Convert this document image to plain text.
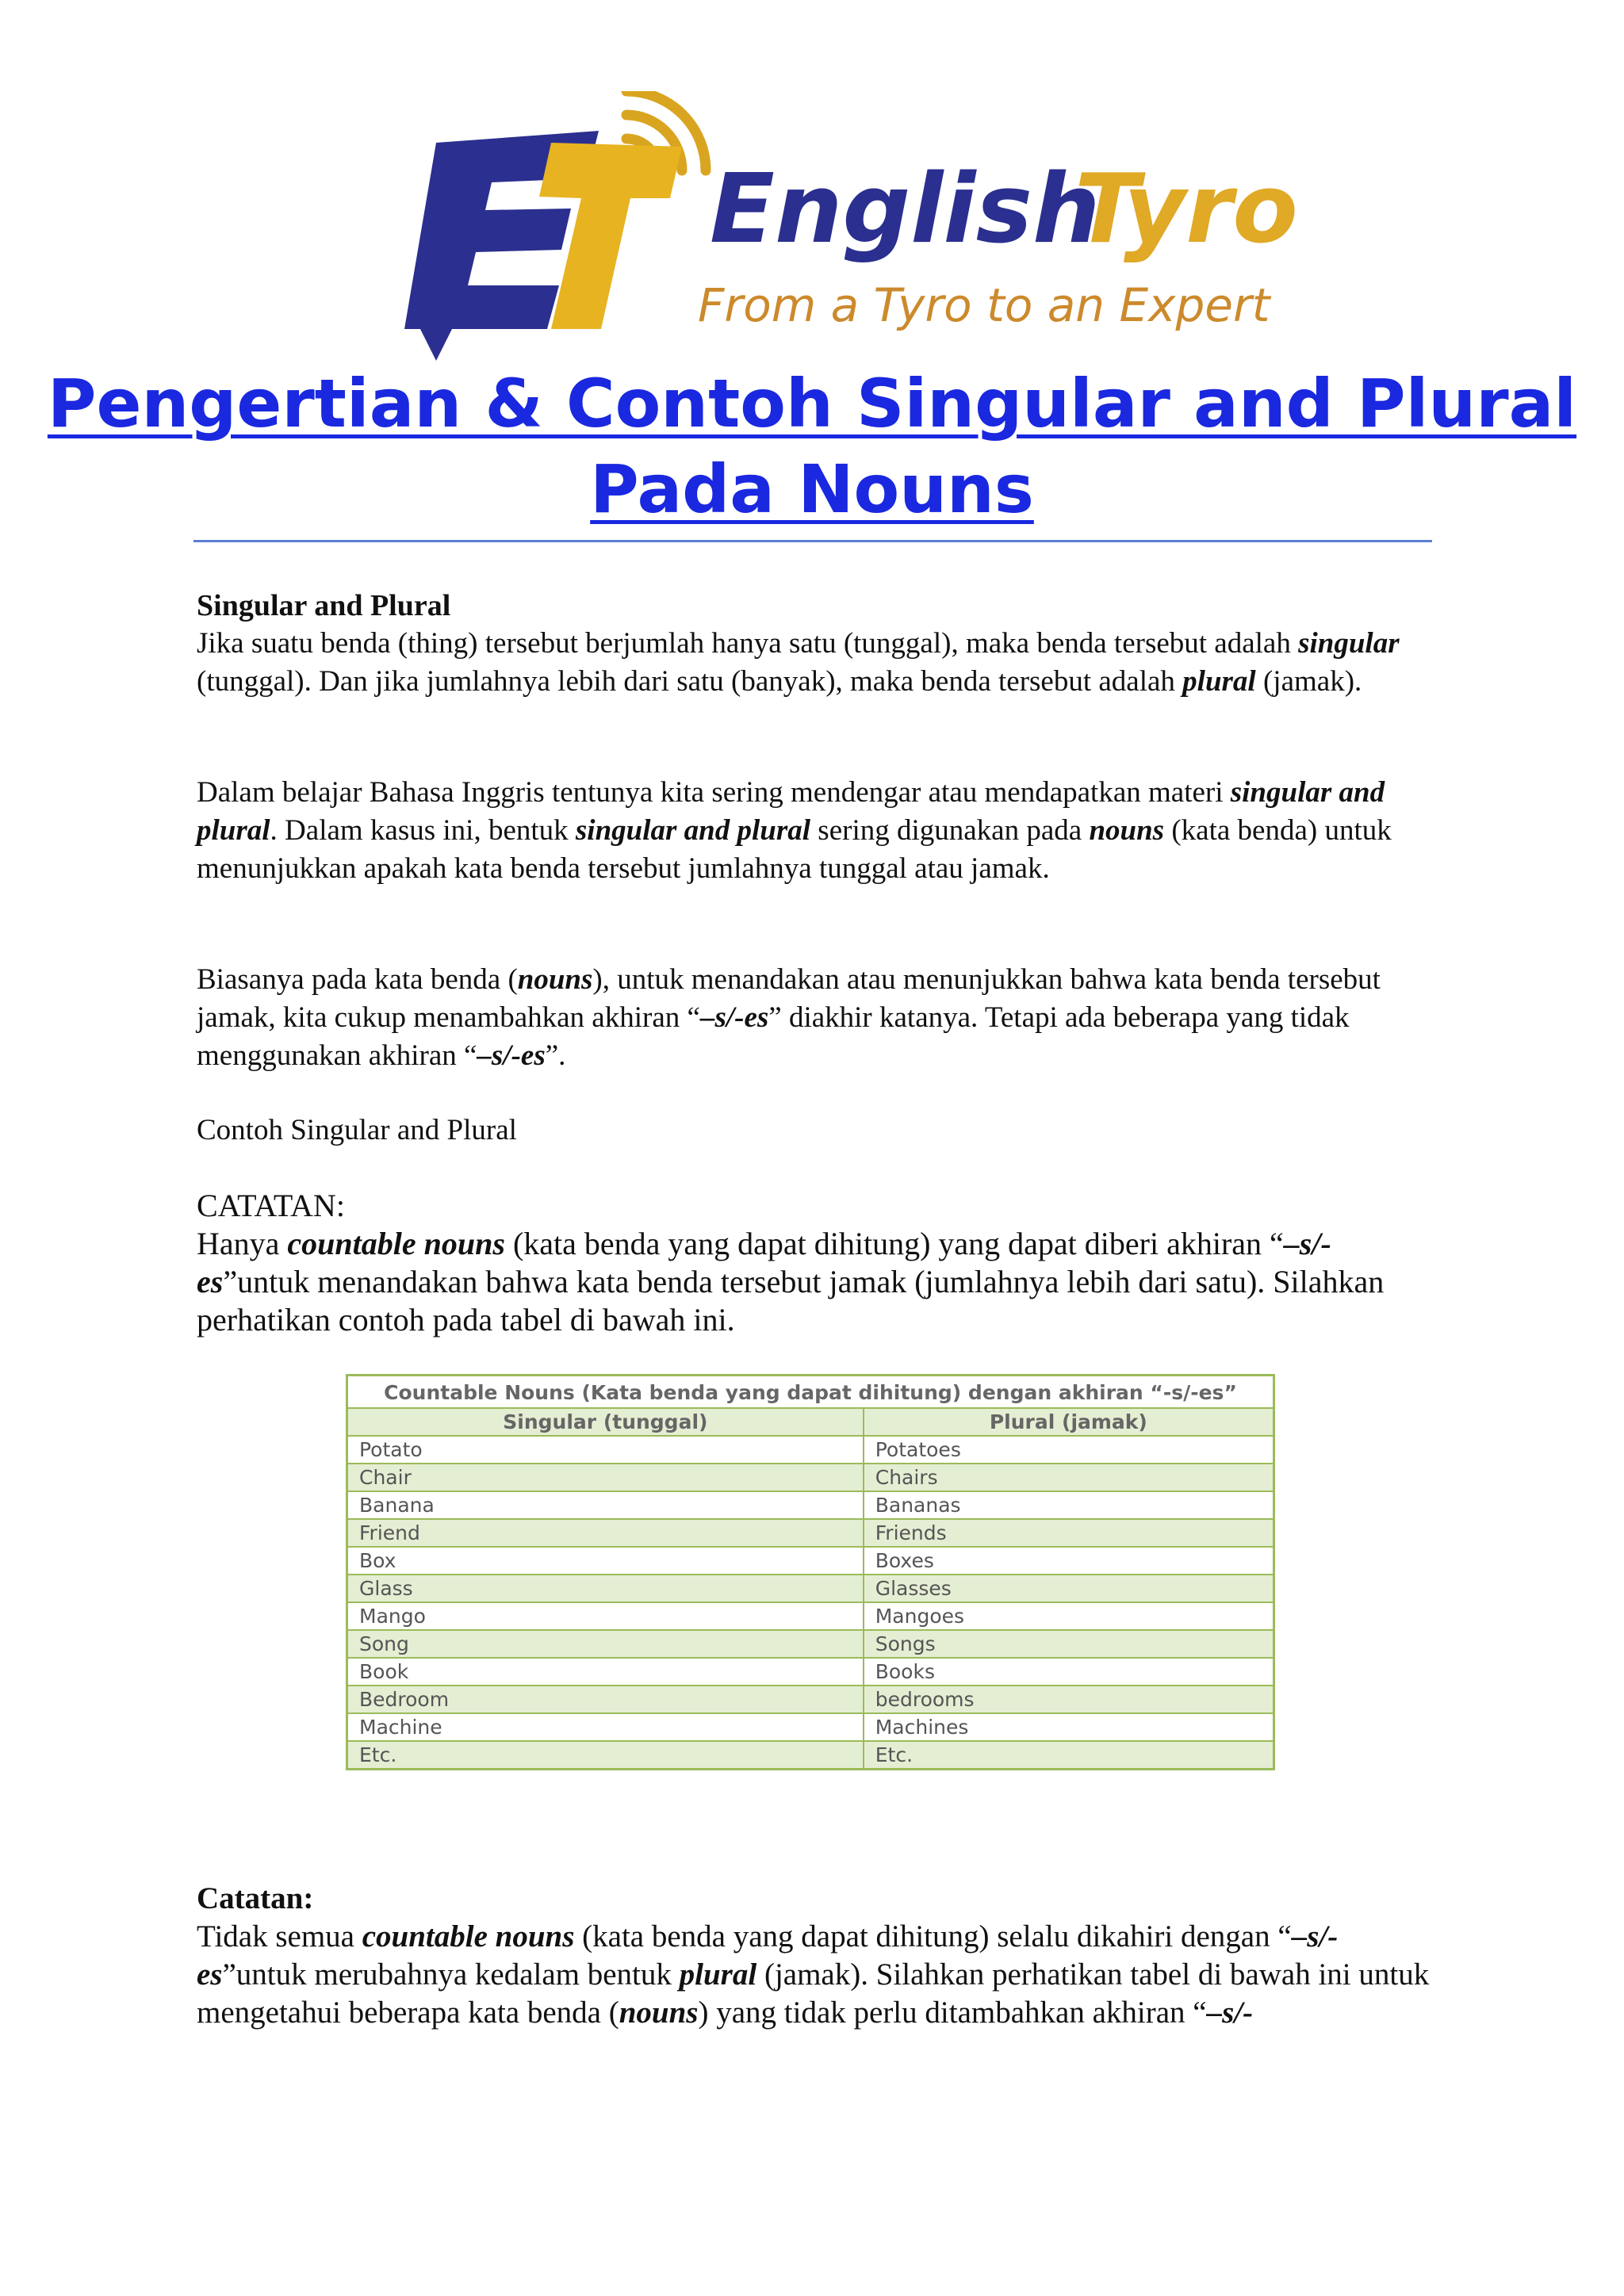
English
Tyro
From a Tyro to an Expert
Pengertian & Contoh Singular and Plural Pada Nouns

Singular and Plural

Jika suatu benda (thing) tersebut berjumlah hanya satu (tunggal), maka benda tersebut adalah singular (tunggal). Dan jika jumlahnya lebih dari satu (banyak), maka benda tersebut adalah plural (jamak).

Dalam belajar Bahasa Inggris tentunya kita sering mendengar atau mendapatkan materi singular and plural. Dalam kasus ini, bentuk singular and plural sering digunakan pada nouns (kata benda) untuk menunjukkan apakah kata benda tersebut jumlahnya tunggal atau jamak.

Biasanya pada kata benda (nouns), untuk menandakan atau menunjukkan bahwa kata benda tersebut jamak, kita cukup menambahkan akhiran “–s/-es” diakhir katanya. Tetapi ada beberapa yang tidak menggunakan akhiran “–s/-es”.

Contoh Singular and Plural

CATATAN:

Hanya countable nouns (kata benda yang dapat dihitung) yang dapat diberi akhiran “–s/-es”untuk menandakan bahwa kata benda tersebut jamak (jumlahnya lebih dari satu). Silahkan perhatikan contoh pada tabel di bawah ini.

Countable Nouns (Kata benda yang dapat dihitung) dengan akhiran “-s/-es”	
Singular (tunggal)	Plural (jamak)
Potato	Potatoes
Chair	Chairs
Banana	Bananas
Friend	Friends
Box	Boxes
Glass	Glasses
Mango	Mangoes
Song	Songs
Book	Books
Bedroom	bedrooms
Machine	Machines
Etc.	Etc.

Catatan:

Tidak semua countable nouns (kata benda yang dapat dihitung) selalu dikahiri dengan “–s/-es”untuk merubahnya kedalam bentuk plural (jamak). Silahkan perhatikan tabel di bawah ini untuk mengetahui beberapa kata benda (nouns) yang tidak perlu ditambahkan akhiran “–s/-
